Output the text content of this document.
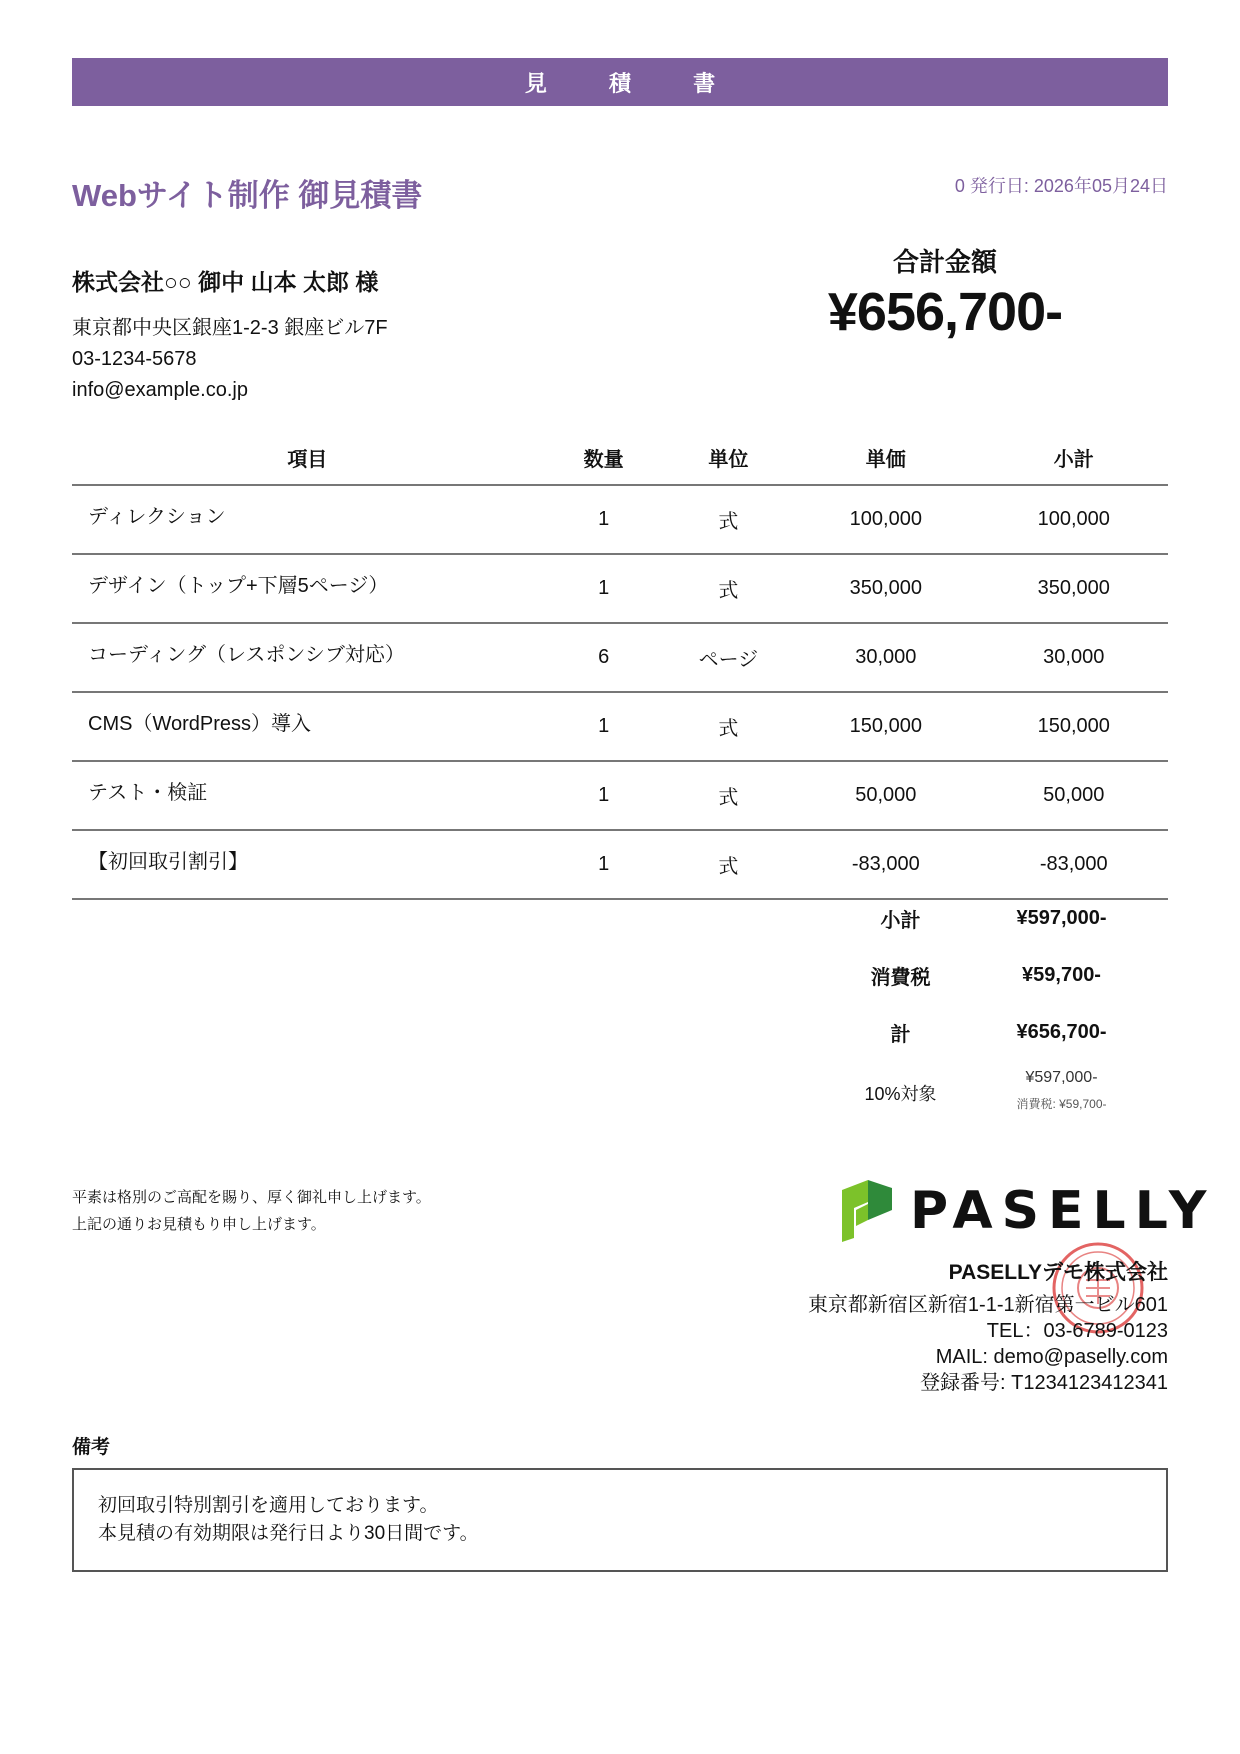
見 積 書
Webサイト制作 御見積書	0 発行日: 2026年05月24日
株式会社○○ 御中 山本 太郎 様
東京都中央区銀座1-2-3 銀座ビル7F
03-1234-5678
info@example.co.jp
合計金額
¥656,700-
項目	数量	単位	単価	小計
ディレクション	1	式	100,000	100,000
デザイン（トップ+下層5ページ）	1	式	350,000	350,000
コーディング（レスポンシブ対応）	6	ページ	30,000	30,000
CMS（WordPress）導入	1	式	150,000	150,000
テスト・検証	1	式	50,000	50,000
【初回取引割引】	1	式	-83,000	-83,000
小計	¥597,000-
消費税	¥59,700-
計	¥656,700-
10%対象
¥597,000-
消費税: ¥59,700-
平素は格別のご高配を賜り、厚く御礼申し上げます。
上記の通りお見積もり申し上げます。	PASELLY
PASELLYデモ株式会社
東京都新宿区新宿1-1-1新宿第一ビル601
TEL：03-6789-0123
MAIL: demo@paselly.com
登録番号: T1234123412341
備考
初回取引特別割引を適用しております。
本見積の有効期限は発行日より30日間です。
